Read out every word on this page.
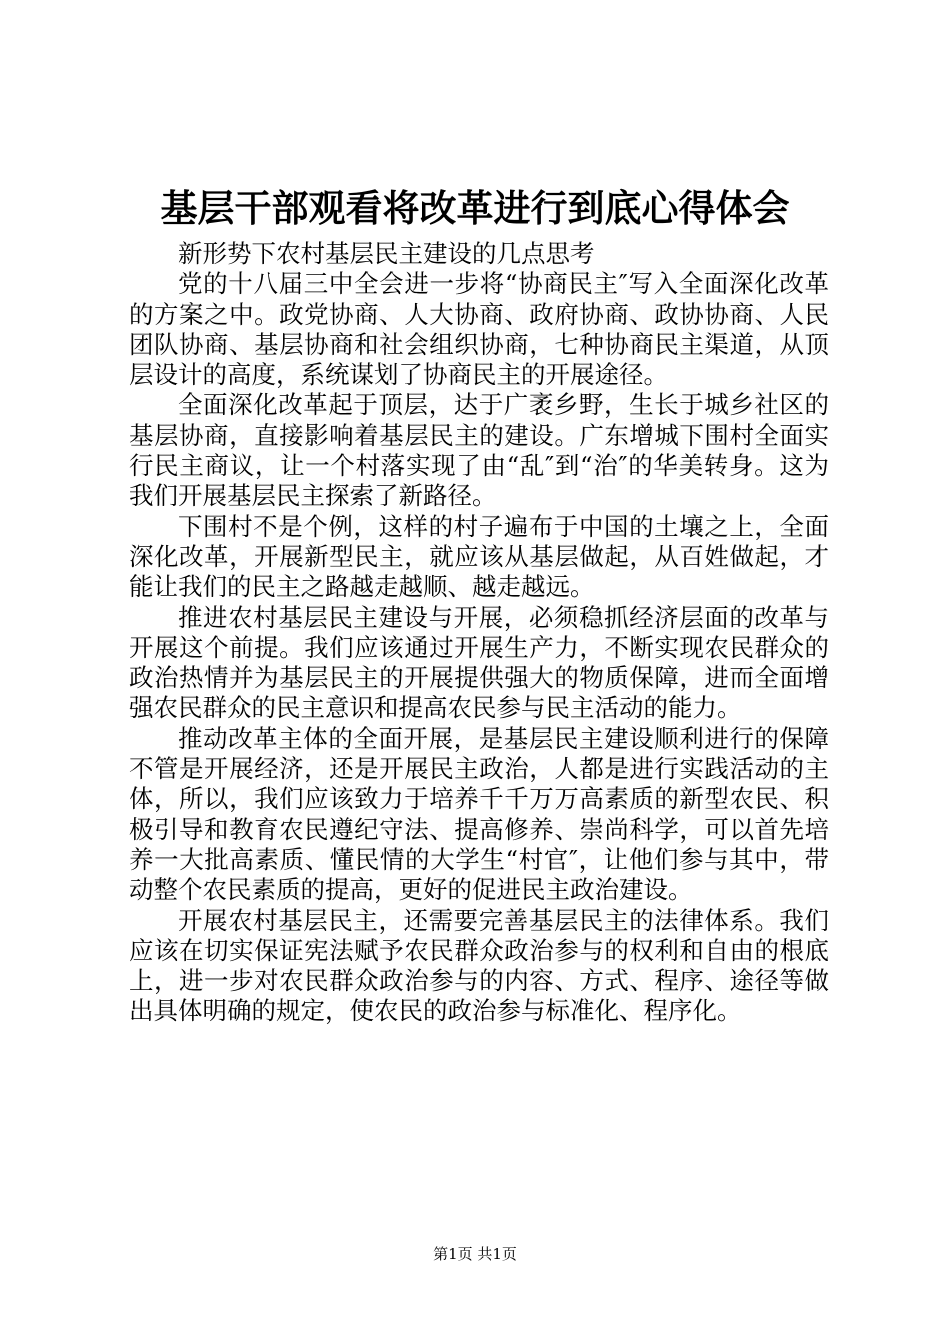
基层干部观看将改革进行到底心得体会

新形势下农村基层民主建设的几点思考

党的十八届三中全会进一步将“协商民主″写入全面深化改革的方案之中。政党协商、人大协商、政府协商、政协协商、人民团队协商、基层协商和社会组织协商，七种协商民主渠道，从顶层设计的高度，系统谋划了协商民主的开展途径。

全面深化改革起于顶层，达于广袤乡野，生长于城乡社区的基层协商，直接影响着基层民主的建设。广东增城下围村全面实行民主商议，让一个村落实现了由“乱″到“治″的华美转身。这为我们开展基层民主探索了新路径。

下围村不是个例，这样的村子遍布于中国的土壤之上，全面深化改革，开展新型民主，就应该从基层做起，从百姓做起，才能让我们的民主之路越走越顺、越走越远。

推进农村基层民主建设与开展，必须稳抓经济层面的改革与开展这个前提。我们应该通过开展生产力，不断实现农民群众的政治热情并为基层民主的开展提供强大的物质保障，进而全面增强农民群众的民主意识和提高农民参与民主活动的能力。

推动改革主体的全面开展，是基层民主建设顺利进行的保障不管是开展经济，还是开展民主政治，人都是进行实践活动的主体，所以，我们应该致力于培养千千万万高素质的新型农民、积极引导和教育农民遵纪守法、提高修养、崇尚科学，可以首先培养一大批高素质、懂民情的大学生“村官″，让他们参与其中，带动整个农民素质的提高，更好的促进民主政治建设。

开展农村基层民主，还需要完善基层民主的法律体系。我们应该在切实保证宪法赋予农民群众政治参与的权利和自由的根底上，进一步对农民群众政治参与的内容、方式、程序、途径等做出具体明确的规定，使农民的政治参与标准化、程序化。

第1页 共1页
